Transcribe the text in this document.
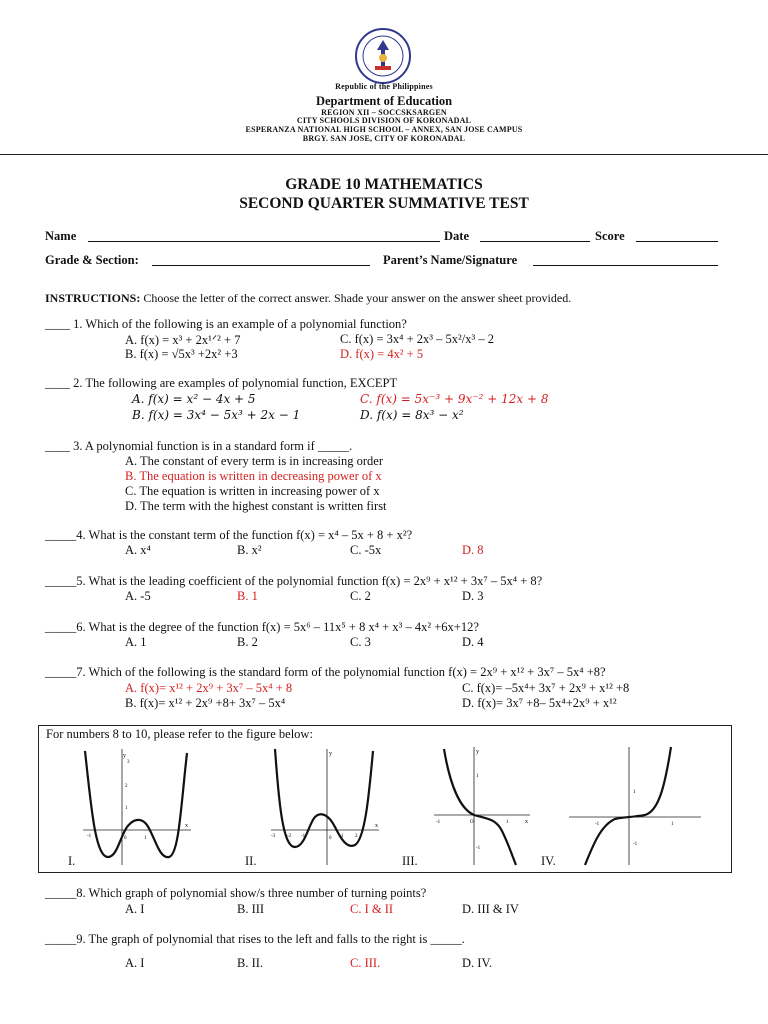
Republic of the Philippines
Department of Education
REGION XII – SOCCSKSARGEN
CITY SCHOOLS DIVISION OF KORONADAL
ESPERANZA NATIONAL HIGH SCHOOL – ANNEX, SAN JOSE CAMPUS
BRGY. SAN JOSE, CITY OF KORONADAL
GRADE 10 MATHEMATICS
SECOND QUARTER SUMMATIVE TEST
Name	Date	Score
Grade & Section:	Parent’s Name/Signature
INSTRUCTIONS: Choose the letter of the correct answer. Shade your answer on the answer sheet provided.
____ 1. Which of the following is an example of a polynomial function?
A. f(x) = x³ + 2x¹ᐟ² + 7	C. f(x) = 3x⁴ + 2x³ – 5x²/x³ – 2
B. f(x) = √5x³ +2x² +3	D. f(x) = 4x² + 5
____ 2. The following are examples of polynomial function, EXCEPT
A. f(x) = x² − 4x + 5	C. f(x) = 5x⁻³ + 9x⁻² + 12x + 8
B. f(x) = 3x⁴ − 5x³ + 2x − 1	D. f(x) = 8x³ − x²
____ 3. A polynomial function is in a standard form if _____.
A. The constant of every term is in increasing order
B. The equation is written in decreasing power of x
C. The equation is written in increasing power of x
D. The term with the highest constant is written first
_____4. What is the constant term of the function f(x) = x⁴ – 5x + 8 + x²?
A. x⁴	B. x²	C. -5x	D. 8
_____5. What is the leading coefficient of the polynomial function f(x) = 2x⁹ + x¹² + 3x⁷ – 5x⁴ + 8?
A. -5	B. 1	C. 2	D. 3
_____6. What is the degree of the function f(x) = 5x⁶ – 11x⁵ + 8 x⁴ + x³ – 4x² +6x+12?
A. 1	B. 2	C. 3	D. 4
_____7. Which of the following is the standard form of the polynomial function f(x) = 2x⁹ + x¹² + 3x⁷ – 5x⁴ +8?
A. f(x)= x¹² + 2x⁹ + 3x⁷ – 5x⁴ + 8	C. f(x)= –5x⁴+ 3x⁷ + 2x⁹ + x¹² +8
B. f(x)= x¹² + 2x⁹ +8+ 3x⁷ – 5x⁴	D. f(x)= 3x⁷ +8– 5x⁴+2x⁹ + x¹²
For numbers 8 to 10, please refer to the figure below:
y
x
3
2
1
-1	0	1
I.
y
x
-3 -2 -1	0 1 2
II.
y
x
-1	O	1
1
-1
III.
-1	1
1
-1
IV.
_____8. Which graph of polynomial show/s three number of turning points?
A. I	B. III	C. I & II	D. III & IV
_____9. The graph of polynomial that rises to the left and falls to the right is _____.
A. I	B. II.	C. III.	D. IV.
